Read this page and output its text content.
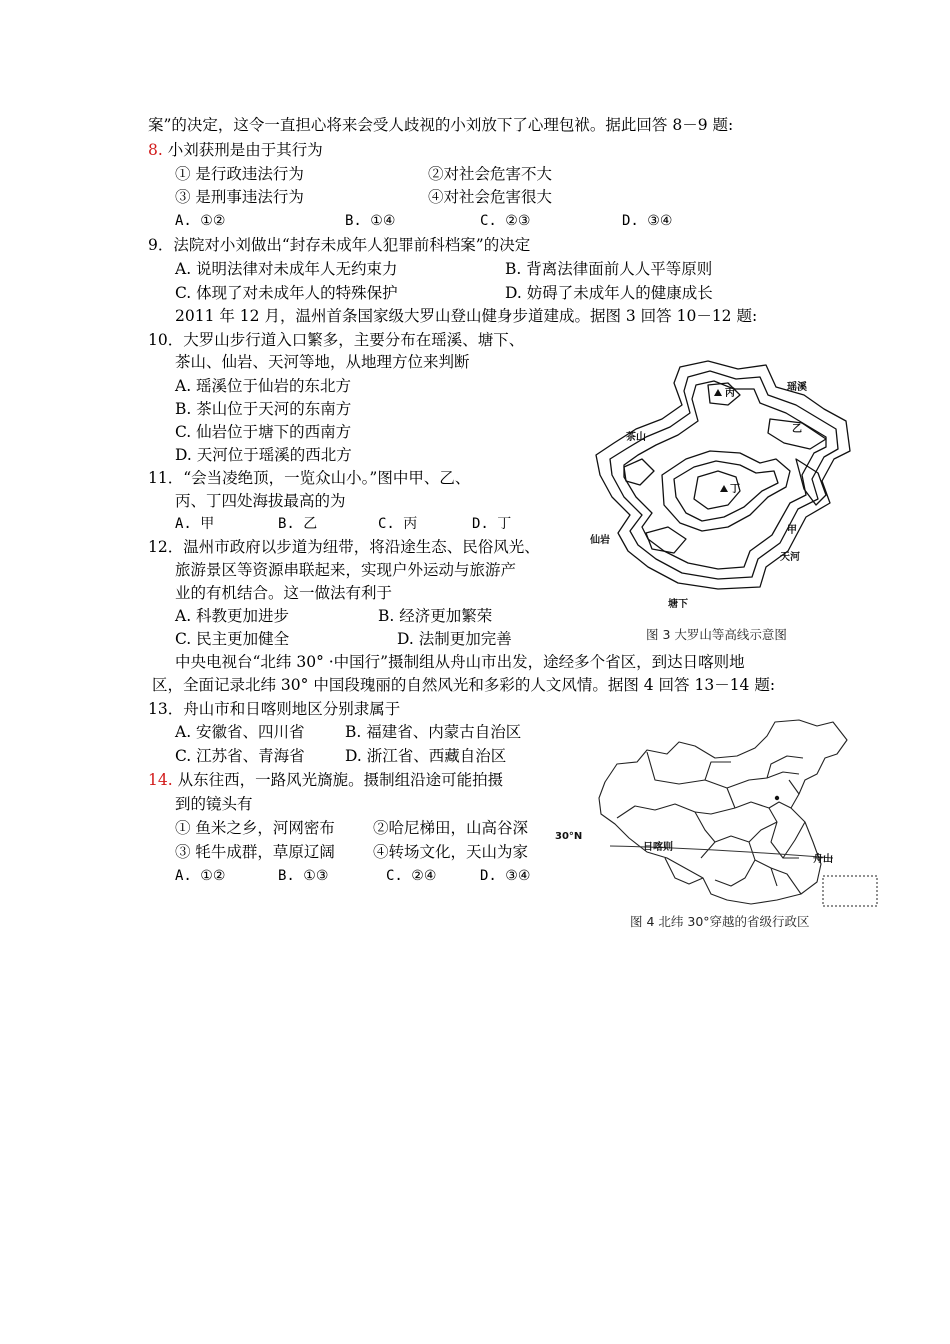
案”的决定，这令一直担心将来会受人歧视的小刘放下了心理包袱。据此回答 8－9 题:
8. 小刘获刑是由于其行为
① 是行政违法行为	②对社会危害不大
③ 是刑事违法行为	④对社会危害很大
A. ①②	B. ①④	C. ②③	D. ③④
9．法院对小刘做出“封存未成年人犯罪前科档案”的决定
A. 说明法律对未成年人无约束力	B. 背离法律面前人人平等原则
C. 体现了对未成年人的特殊保护	D. 妨碍了未成年人的健康成长
2011 年 12 月，温州首条国家级大罗山登山健身步道建成。据图 3 回答 10－12 题:
10．大罗山步行道入口繁多，主要分布在瑶溪、塘下、
茶山、仙岩、天河等地，从地理方位来判断
A. 瑶溪位于仙岩的东北方
B. 茶山位于天河的东南方
C. 仙岩位于塘下的西南方
D. 天河位于瑶溪的西北方
11．“会当凌绝顶，一览众山小。”图中甲、乙、
丙、丁四处海拔最高的为
A. 甲	B. 乙	C. 丙	D. 丁
12．温州市政府以步道为纽带，将沿途生态、民俗风光、
旅游景区等资源串联起来，实现户外运动与旅游产
业的有机结合。这一做法有利于
A. 科教更加进步	B. 经济更加繁荣
C. 民主更加健全	D. 法制更加完善
瑶溪
丙
乙
茶山
丁
甲
仙岩
天河
塘下
图 3 大罗山等高线示意图
中央电视台“北纬 30° ·中国行”摄制组从舟山市出发，途经多个省区，到达日喀则地
区，全面记录北纬 30° 中国段瑰丽的自然风光和多彩的人文风情。据图 4 回答 13－14 题:
13．舟山市和日喀则地区分别隶属于
A. 安徽省、四川省	B. 福建省、内蒙古自治区
C. 江苏省、青海省	D. 浙江省、西藏自治区
14. 从东往西，一路风光旖旎。摄制组沿途可能拍摄
到的镜头有
① 鱼米之乡，河网密布 ②哈尼梯田，山高谷深
③ 牦牛成群，草原辽阔 ④转场文化，天山为家
A. ①②	B. ①③	C. ②④	D. ③④
30°N
日喀则
舟山
图 4 北纬 30°穿越的省级行政区
